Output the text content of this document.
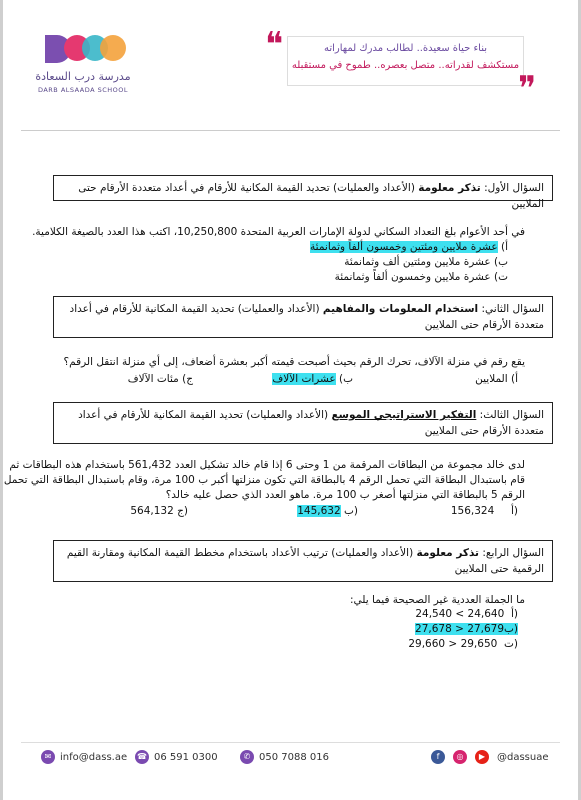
مدرسة درب السعادة
DARB ALSAADA SCHOOL
❝	بناء حياة سعيدة.. لطالب مدرك لمهاراته
مستكشف لقدراته.. متصل بعصره.. طموح في مستقبله
❞
السؤال الأول: تذكر معلومة (الأعداد والعمليات) تحديد القيمة المكانية للأرقام في أعداد متعددة الأرقام حتى الملايين
في أحد الأعوام بلغ التعداد السكاني لدولة الإمارات العربية المتحدة 10,250,800، اكتب هذا العدد بالصيغة الكلامية.
أ) عشرة ملايين ومئتين وخمسون ألفاً وثمانمئة
ب) عشرة ملايين ومئتين ألف وثمانمئة
ت) عشرة ملايين وخمسون ألفاً وثمانمئة
السؤال الثاني: استخدام المعلومات والمفاهيم (الأعداد والعمليات) تحديد القيمة المكانية للأرقام في أعداد متعددة الأرقام حتى الملايين
يقع رقم في منزلة الآلاف، تحرك الرقم بحيث أصبحت قيمته أكبر بعشرة أضعاف، إلى أي منزلة انتقل الرقم؟
أ) الملايين
ب) عشرات الآلاف
ج) مئات الآلاف
السؤال الثالث: التفكير الاستراتيجي الموسع (الأعداد والعمليات) تحديد القيمة المكانية للأرقام في أعداد متعددة الأرقام حتى الملايين
لدى خالد مجموعة من البطاقات المرقمة من 1 وحتى 6 إذا قام خالد تشكيل العدد 561,432 باستخدام هذه البطاقات ثم
قام باستبدال البطاقة التي تحمل الرقم 4 بالبطاقة التي تكون منزلتها أكبر ب 100 مرة، وقام باستبدال البطاقة التي تحمل
الرقم 5 بالبطاقة التي منزلتها أصغر ب 100 مرة. ماهو العدد الذي حصل عليه خالد؟
156,324 أ)
145,632 ب)
564,132 ج)
السؤال الرابع: تذكر معلومة (الأعداد والعمليات) ترتيب الأعداد باستخدام مخطط القيمة المكانية ومقارنة القيم الرقمية حتى الملايين
ما الجملة العددية غير الصحيحة فيما يلي:
24,540 < 24,640 أ)
27,678 > 27,679ب)
29,660 > 29,650 ت)
✉ info@dass.ae ☎ 06 591 0300	✆ 050 7088 016	f	◎	▶	@dassuae
